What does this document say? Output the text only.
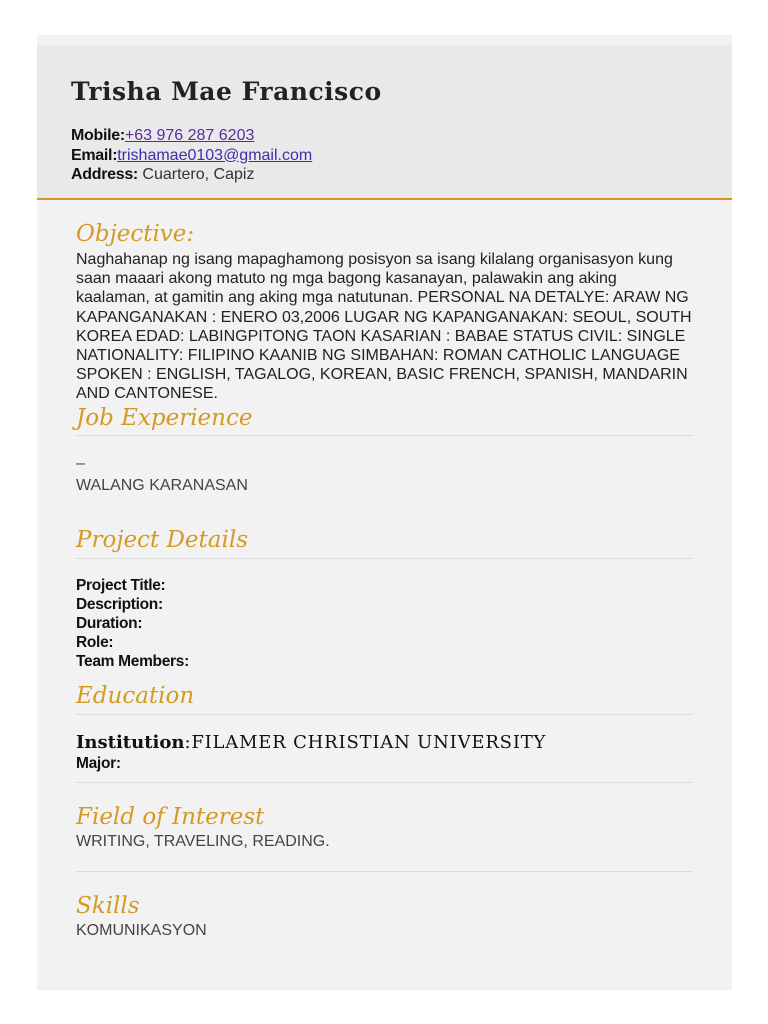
Trisha Mae Francisco
Mobile:+63 976 287 6203
Email:trishamae0103@gmail.com
Address: Cuartero, Capiz
Objective:

Naghahanap ng isang mapaghamong posisyon sa isang kilalang organisasyon kung saan maaari akong matuto ng mga bagong kasanayan, palawakin ang aking kaalaman, at gamitin ang aking mga natutunan. PERSONAL NA DETALYE: ARAW NG KAPANGANAKAN : ENERO 03,2006 LUGAR NG KAPANGANAKAN: SEOUL, SOUTH KOREA EDAD: LABINGPITONG TAON KASARIAN : BABAE STATUS CIVIL: SINGLE NATIONALITY: FILIPINO KAANIB NG SIMBAHAN: ROMAN CATHOLIC LANGUAGE SPOKEN : ENGLISH, TAGALOG, KOREAN, BASIC FRENCH, SPANISH, MANDARIN AND CANTONESE.

Job Experience

–

WALANG KARANASAN

Project Details
Project Title:
Description:
Duration:
Role:
Team Members:
Education
Institution:FILAMER CHRISTIAN UNIVERSITY
Major:
Field of Interest

WRITING, TRAVELING, READING.

Skills

KOMUNIKASYON
